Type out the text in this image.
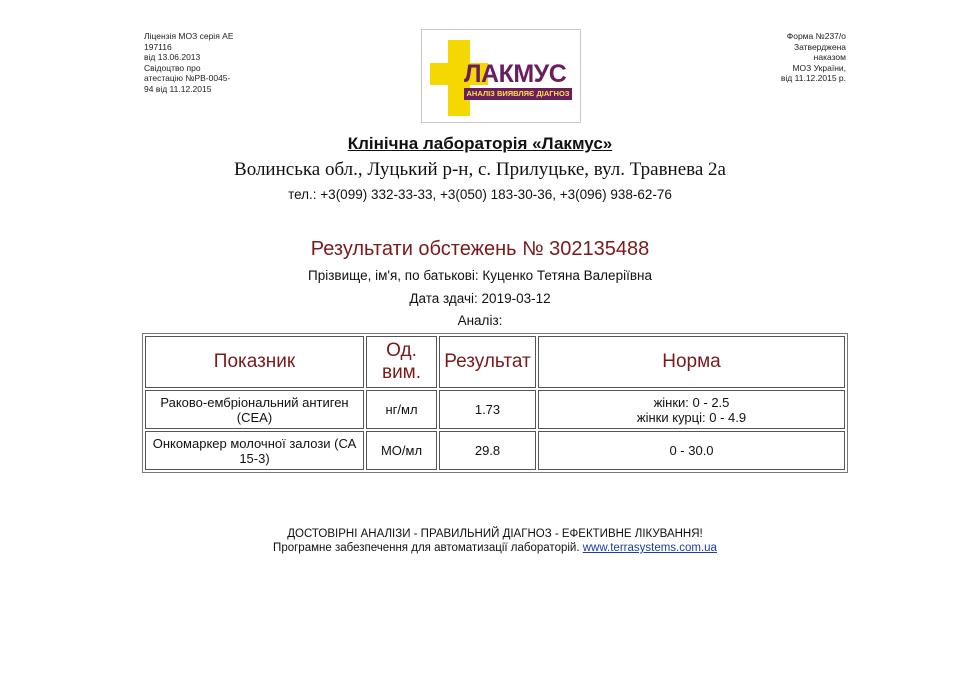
Ліцензія МОЗ серія АЕ
197116
від 13.06.2013
Свідоцтво про
атестацію №РВ-0045-
94 від 11.12.2015
ЛАКМУС
АНАЛІЗ ВИЯВЛЯЄ ДІАГНОЗ
Форма №237/о
Затверджена
наказом
МОЗ України,
від 11.12.2015 р.
Клінічна лабораторія «Лакмус»
Волинська обл., Луцький р-н, с. Прилуцьке, вул. Травнева 2а
тел.: +3(099) 332-33-33, +3(050) 183-30-36, +3(096) 938-62-76
Результати обстежень № 302135488
Прізвище, ім'я, по батькові: Куценко Тетяна Валеріївна
Дата здачі: 2019-03-12
Аналіз:
Показник	Од. вим.	Результат	Норма
Раково-ембріональний антиген (СЕА)	нг/мл	1.73	жінки: 0 - 2.5
жінки курці: 0 - 4.9

Онкомаркер молочної залози (СА 15-3)	МО/мл	29.8	0 - 30.0
ДОСТОВІРНІ АНАЛІЗИ - ПРАВИЛЬНИЙ ДІАГНОЗ - ЕФЕКТИВНЕ ЛІКУВАННЯ!
Програмне забезпечення для автоматизації лабораторій. www.terrasystems.com.ua
